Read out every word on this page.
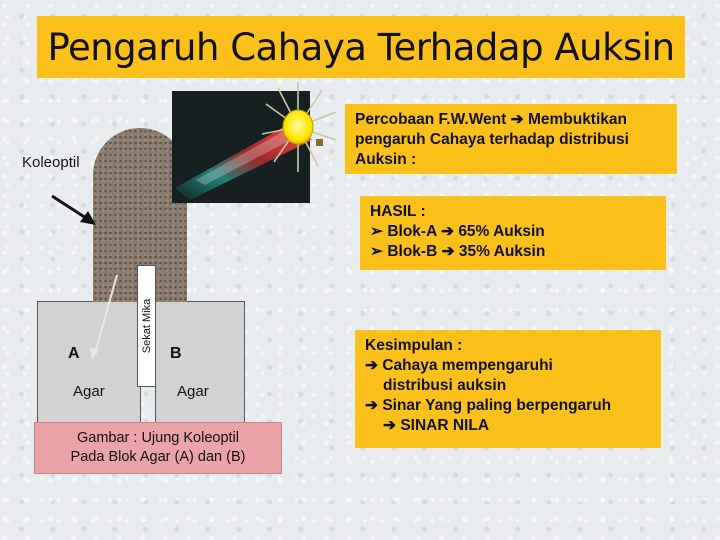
Pengaruh Cahaya Terhadap Auksin
Percobaan F.W.Went ➔ Membuktikan
pengaruh Cahaya terhadap distribusi
Auksin :
HASIL :
➢ Blok-A ➔ 65% Auksin
➢ Blok-B ➔ 35% Auksin
Kesimpulan :
➔ Cahaya mempengaruhi
distribusi auksin
➔ Sinar Yang paling berpengaruh
➔ SINAR NILA
Koleoptil
Sekat Mika
A	B
Agar	Agar
Gambar : Ujung Koleoptil
Pada Blok Agar (A) dan (B)
